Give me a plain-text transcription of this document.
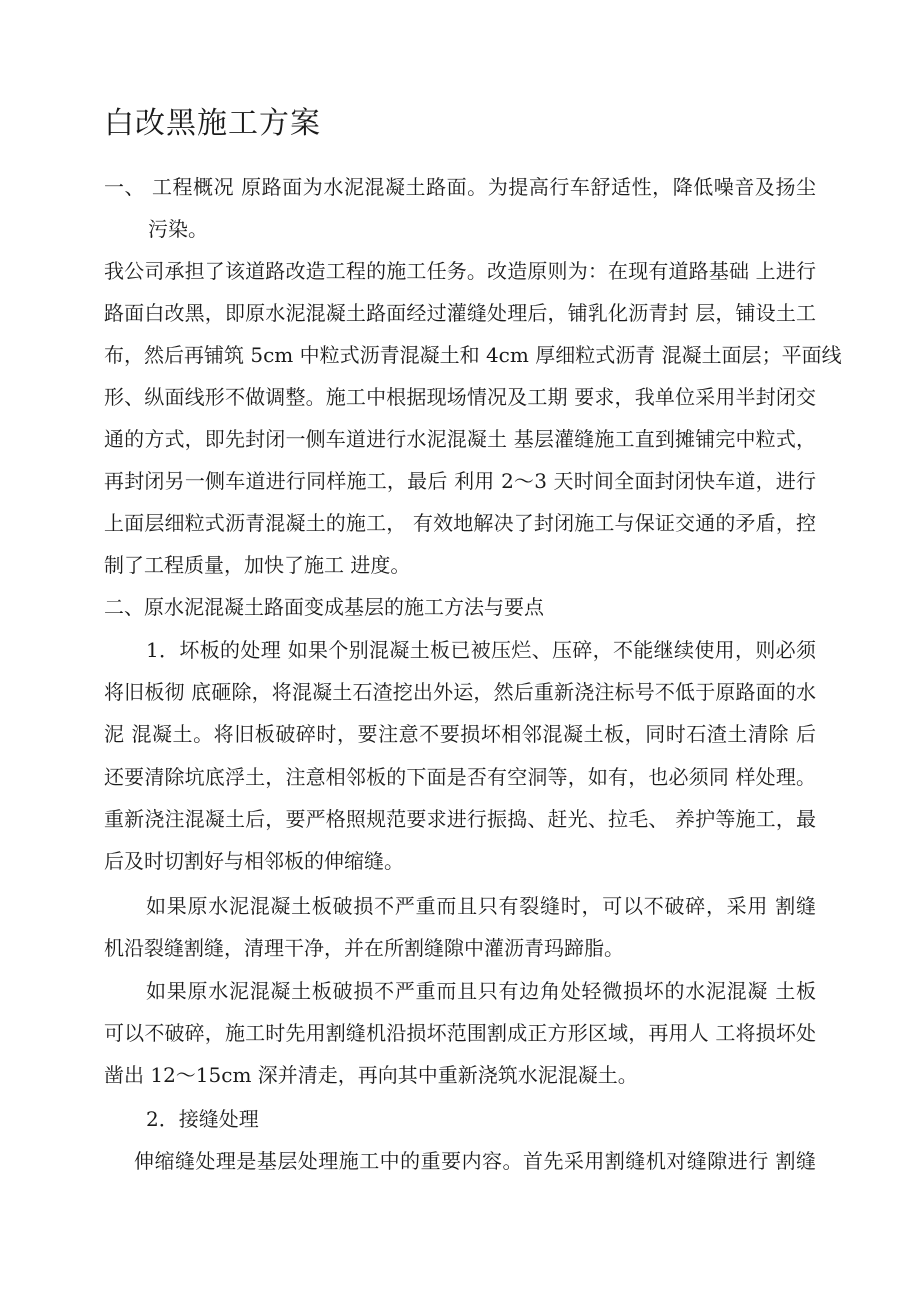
白改黑施工方案
一、 工程概况 原路面为水泥混凝土路面。为提高行车舒适性，降低噪音及扬尘
污染。
我公司承担了该道路改造工程的施工任务。改造原则为：在现有道路基础 上进行
路面白改黑，即原水泥混凝土路面经过灌缝处理后，铺乳化沥青封 层，铺设土工
布，然后再铺筑 5cm 中粒式沥青混凝土和 4cm 厚细粒式沥青 混凝土面层；平面线
形、纵面线形不做调整。施工中根据现场情况及工期 要求，我单位采用半封闭交
通的方式，即先封闭一侧车道进行水泥混凝土 基层灌缝施工直到摊铺完中粒式，
再封闭另一侧车道进行同样施工，最后 利用 2～3 天时间全面封闭快车道，进行
上面层细粒式沥青混凝土的施工， 有效地解决了封闭施工与保证交通的矛盾，控
制了工程质量，加快了施工 进度。
二、原水泥混凝土路面变成基层的施工方法与要点
1．坏板的处理 如果个别混凝土板已被压烂、压碎，不能继续使用，则必须
将旧板彻 底砸除，将混凝土石渣挖出外运，然后重新浇注标号不低于原路面的水
泥 混凝土。将旧板破碎时，要注意不要损坏相邻混凝土板，同时石渣土清除 后
还要清除坑底浮土，注意相邻板的下面是否有空洞等，如有，也必须同 样处理。
重新浇注混凝土后，要严格照规范要求进行振捣、赶光、拉毛、 养护等施工，最
后及时切割好与相邻板的伸缩缝。
如果原水泥混凝土板破损不严重而且只有裂缝时，可以不破碎，采用 割缝
机沿裂缝割缝，清理干净，并在所割缝隙中灌沥青玛蹄脂。
如果原水泥混凝土板破损不严重而且只有边角处轻微损坏的水泥混凝 土板
可以不破碎，施工时先用割缝机沿损坏范围割成正方形区域，再用人 工将损坏处
凿出 12～15cm 深并清走，再向其中重新浇筑水泥混凝土。
2．接缝处理
伸缩缝处理是基层处理施工中的重要内容。首先采用割缝机对缝隙进行 割缝
